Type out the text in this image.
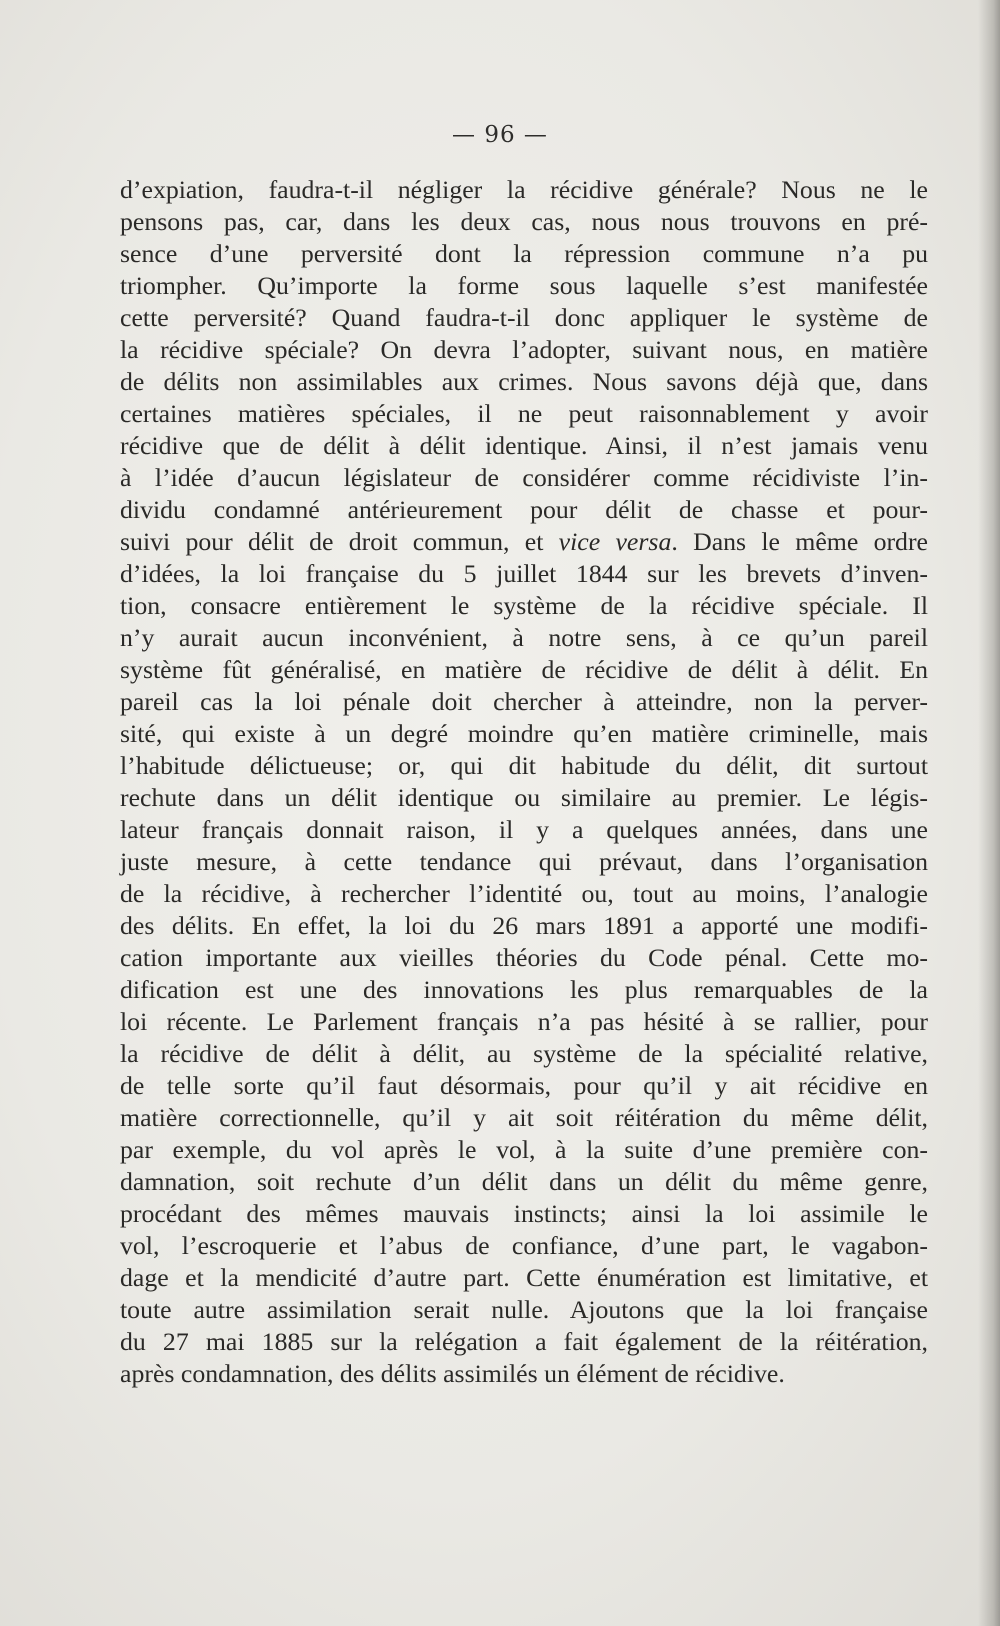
— 96 —
d’expiation, faudra-t-il négliger la récidive générale? Nous ne le
pensons pas, car, dans les deux cas, nous nous trouvons en pré-
sence d’une perversité dont la répression commune n’a pu
triompher. Qu’importe la forme sous laquelle s’est manifestée
cette perversité? Quand faudra-t-il donc appliquer le système de
la récidive spéciale? On devra l’adopter, suivant nous, en matière
de délits non assimilables aux crimes. Nous savons déjà que, dans
certaines matières spéciales, il ne peut raisonnablement y avoir
récidive que de délit à délit identique. Ainsi, il n’est jamais venu
à l’idée d’aucun législateur de considérer comme récidiviste l’in-
dividu condamné antérieurement pour délit de chasse et pour-
suivi pour délit de droit commun, et vice versa. Dans le même ordre
d’idées, la loi française du 5 juillet 1844 sur les brevets d’inven-
tion, consacre entièrement le système de la récidive spéciale. Il
n’y aurait aucun inconvénient, à notre sens, à ce qu’un pareil
système fût généralisé, en matière de récidive de délit à délit. En
pareil cas la loi pénale doit chercher à atteindre, non la perver-
sité, qui existe à un degré moindre qu’en matière criminelle, mais
l’habitude délictueuse; or, qui dit habitude du délit, dit surtout
rechute dans un délit identique ou similaire au premier. Le légis-
lateur français donnait raison, il y a quelques années, dans une
juste mesure, à cette tendance qui prévaut, dans l’organisation
de la récidive, à rechercher l’identité ou, tout au moins, l’analogie
des délits. En effet, la loi du 26 mars 1891 a apporté une modifi-
cation importante aux vieilles théories du Code pénal. Cette mo-
dification est une des innovations les plus remarquables de la
loi récente. Le Parlement français n’a pas hésité à se rallier, pour
la récidive de délit à délit, au système de la spécialité relative,
de telle sorte qu’il faut désormais, pour qu’il y ait récidive en
matière correctionnelle, qu’il y ait soit réitération du même délit,
par exemple, du vol après le vol, à la suite d’une première con-
damnation, soit rechute d’un délit dans un délit du même genre,
procédant des mêmes mauvais instincts; ainsi la loi assimile le
vol, l’escroquerie et l’abus de confiance, d’une part, le vagabon-
dage et la mendicité d’autre part. Cette énumération est limitative, et
toute autre assimilation serait nulle. Ajoutons que la loi française
du 27 mai 1885 sur la relégation a fait également de la réitération,
après condamnation, des délits assimilés un élément de récidive.
